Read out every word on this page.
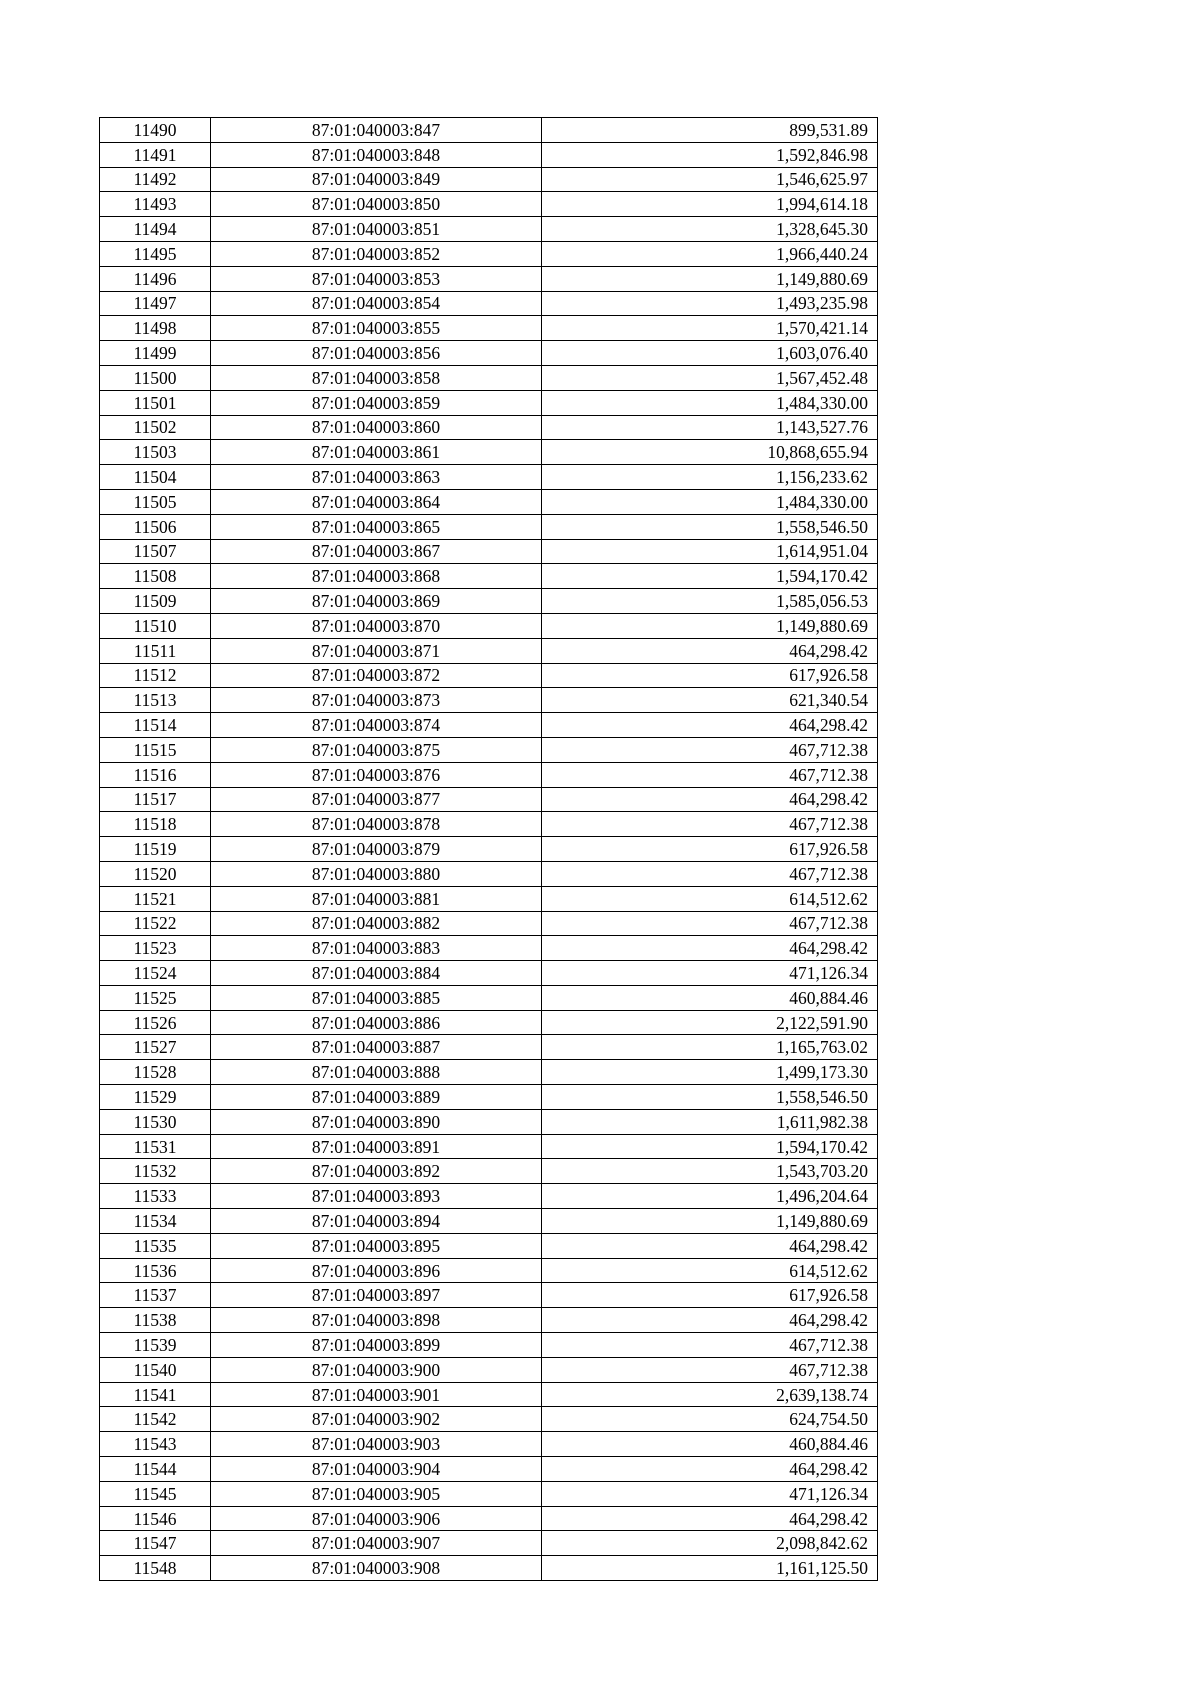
11490	87:01:040003:847	899,531.89
11491	87:01:040003:848	1,592,846.98
11492	87:01:040003:849	1,546,625.97
11493	87:01:040003:850	1,994,614.18
11494	87:01:040003:851	1,328,645.30
11495	87:01:040003:852	1,966,440.24
11496	87:01:040003:853	1,149,880.69
11497	87:01:040003:854	1,493,235.98
11498	87:01:040003:855	1,570,421.14
11499	87:01:040003:856	1,603,076.40
11500	87:01:040003:858	1,567,452.48
11501	87:01:040003:859	1,484,330.00
11502	87:01:040003:860	1,143,527.76
11503	87:01:040003:861	10,868,655.94
11504	87:01:040003:863	1,156,233.62
11505	87:01:040003:864	1,484,330.00
11506	87:01:040003:865	1,558,546.50
11507	87:01:040003:867	1,614,951.04
11508	87:01:040003:868	1,594,170.42
11509	87:01:040003:869	1,585,056.53
11510	87:01:040003:870	1,149,880.69
11511	87:01:040003:871	464,298.42
11512	87:01:040003:872	617,926.58
11513	87:01:040003:873	621,340.54
11514	87:01:040003:874	464,298.42
11515	87:01:040003:875	467,712.38
11516	87:01:040003:876	467,712.38
11517	87:01:040003:877	464,298.42
11518	87:01:040003:878	467,712.38
11519	87:01:040003:879	617,926.58
11520	87:01:040003:880	467,712.38
11521	87:01:040003:881	614,512.62
11522	87:01:040003:882	467,712.38
11523	87:01:040003:883	464,298.42
11524	87:01:040003:884	471,126.34
11525	87:01:040003:885	460,884.46
11526	87:01:040003:886	2,122,591.90
11527	87:01:040003:887	1,165,763.02
11528	87:01:040003:888	1,499,173.30
11529	87:01:040003:889	1,558,546.50
11530	87:01:040003:890	1,611,982.38
11531	87:01:040003:891	1,594,170.42
11532	87:01:040003:892	1,543,703.20
11533	87:01:040003:893	1,496,204.64
11534	87:01:040003:894	1,149,880.69
11535	87:01:040003:895	464,298.42
11536	87:01:040003:896	614,512.62
11537	87:01:040003:897	617,926.58
11538	87:01:040003:898	464,298.42
11539	87:01:040003:899	467,712.38
11540	87:01:040003:900	467,712.38
11541	87:01:040003:901	2,639,138.74
11542	87:01:040003:902	624,754.50
11543	87:01:040003:903	460,884.46
11544	87:01:040003:904	464,298.42
11545	87:01:040003:905	471,126.34
11546	87:01:040003:906	464,298.42
11547	87:01:040003:907	2,098,842.62
11548	87:01:040003:908	1,161,125.50
